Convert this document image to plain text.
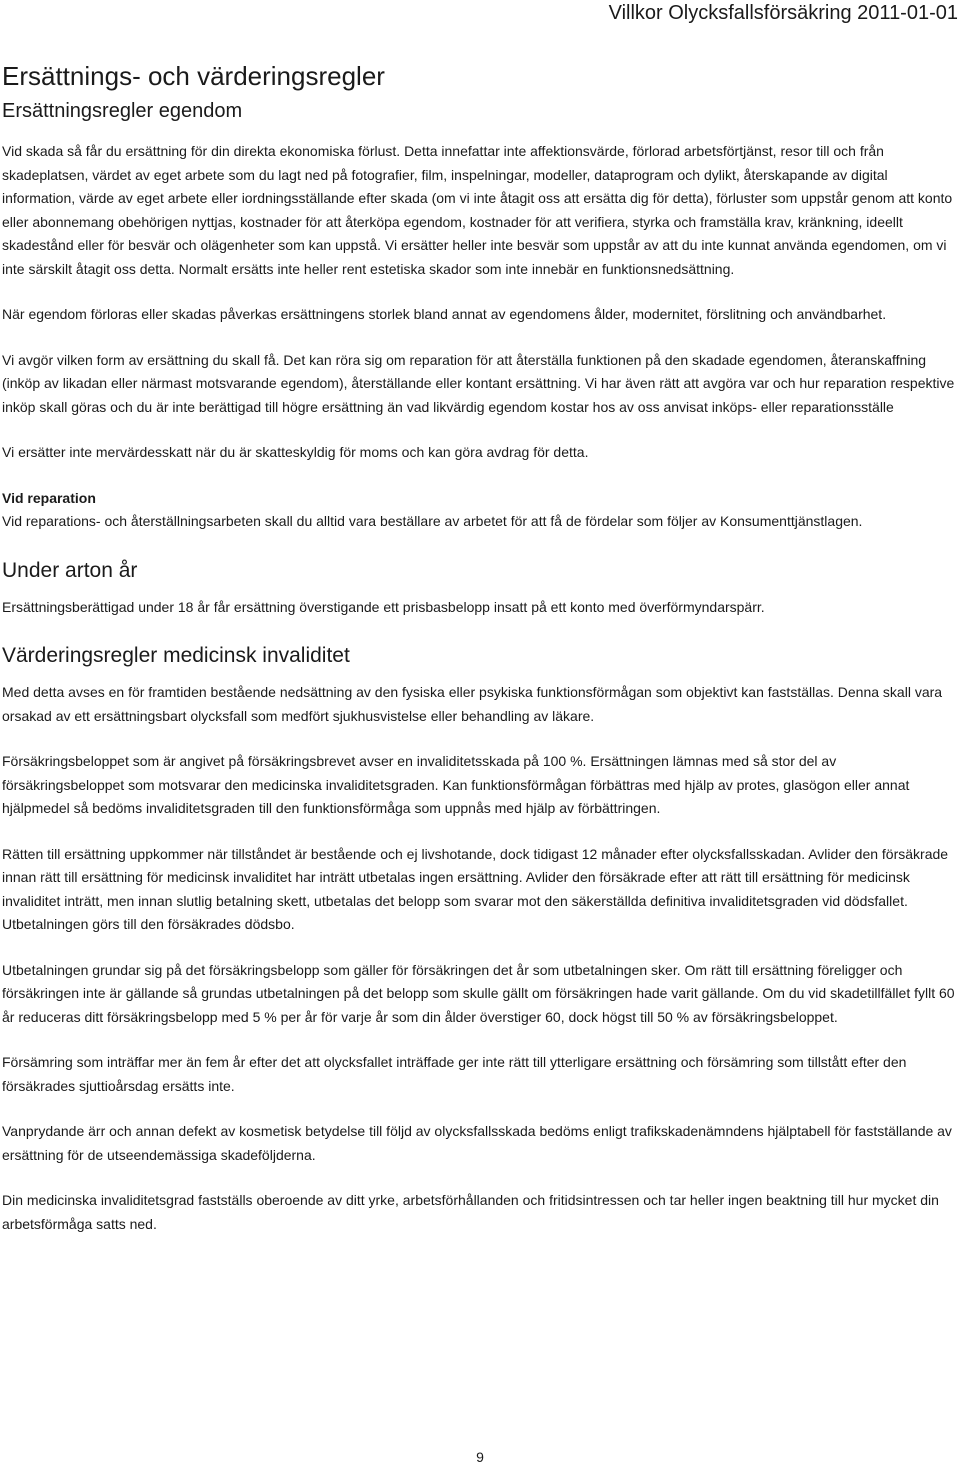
Villkor Olycksfallsförsäkring 2011-01-01
Ersättnings- och värderingsregler
Ersättningsregler egendom

Vid skada så får du ersättning för din direkta ekonomiska förlust. Detta innefattar inte affektionsvärde, förlorad arbetsförtjänst, resor till och från skadeplatsen, värdet av eget arbete som du lagt ned på fotografier, film, inspelningar, modeller, dataprogram och dylikt, återskapande av digital information, värde av eget arbete eller iordningsställande efter skada (om vi inte åtagit oss att ersätta dig för detta), förluster som uppstår genom att konto eller abonnemang obehörigen nyttjas, kostnader för att återköpa egendom, kostnader för att verifiera, styrka och framställa krav, kränkning, ideellt skadestånd eller för besvär och olägenheter som kan uppstå. Vi ersätter heller inte besvär som uppstår av att du inte kunnat använda egendomen, om vi inte särskilt åtagit oss detta. Normalt ersätts inte heller rent estetiska skador som inte innebär en funktionsnedsättning.

När egendom förloras eller skadas påverkas ersättningens storlek bland annat av egendomens ålder, modernitet, förslitning och användbarhet.

Vi avgör vilken form av ersättning du skall få. Det kan röra sig om reparation för att återställa funktionen på den skadade egendomen, återanskaffning (inköp av likadan eller närmast motsvarande egendom), återställande eller kontant ersättning. Vi har även rätt att avgöra var och hur reparation respektive inköp skall göras och du är inte berättigad till högre ersättning än vad likvärdig egendom kostar hos av oss anvisat inköps- eller reparationsställe

Vi ersätter inte mervärdesskatt när du är skatteskyldig för moms och kan göra avdrag för detta.

Vid reparation
Vid reparations- och återställningsarbeten skall du alltid vara beställare av arbetet för att få de fördelar som följer av Konsumenttjänstlagen.

Under arton år

Ersättningsberättigad under 18 år får ersättning överstigande ett prisbasbelopp insatt på ett konto med överförmyndarspärr.

Värderingsregler medicinsk invaliditet

Med detta avses en för framtiden bestående nedsättning av den fysiska eller psykiska funktionsförmågan som objektivt kan fastställas. Denna skall vara orsakad av ett ersättningsbart olycksfall som medfört sjukhusvistelse eller behandling av läkare.

Försäkringsbeloppet som är angivet på försäkringsbrevet avser en invaliditetsskada på 100 %. Ersättningen lämnas med så stor del av försäkringsbeloppet som motsvarar den medicinska invaliditetsgraden. Kan funktionsförmågan förbättras med hjälp av protes, glasögon eller annat hjälpmedel så bedöms invaliditetsgraden till den funktionsförmåga som uppnås med hjälp av förbättringen.

Rätten till ersättning uppkommer när tillståndet är bestående och ej livshotande, dock tidigast 12 månader efter olycksfallsskadan. Avlider den försäkrade innan rätt till ersättning för medicinsk invaliditet har inträtt utbetalas ingen ersättning. Avlider den försäkrade efter att rätt till ersättning för medicinsk invaliditet inträtt, men innan slutlig betalning skett, utbetalas det belopp som svarar mot den säkerställda definitiva invaliditetsgraden vid dödsfallet. Utbetalningen görs till den försäkrades dödsbo.

Utbetalningen grundar sig på det försäkringsbelopp som gäller för försäkringen det år som utbetalningen sker. Om rätt till ersättning föreligger och försäkringen inte är gällande så grundas utbetalningen på det belopp som skulle gällt om försäkringen hade varit gällande. Om du vid skadetillfället fyllt 60 år reduceras ditt försäkringsbelopp med 5 % per år för varje år som din ålder överstiger 60, dock högst till 50 % av försäkringsbeloppet.

Försämring som inträffar mer än fem år efter det att olycksfallet inträffade ger inte rätt till ytterligare ersättning och försämring som tillstått efter den försäkrades sjuttioårsdag ersätts inte.

Vanprydande ärr och annan defekt av kosmetisk betydelse till följd av olycksfallsskada bedöms enligt trafikskadenämndens hjälptabell för fastställande av ersättning för de utseendemässiga skadeföljderna.

Din medicinska invaliditetsgrad fastställs oberoende av ditt yrke, arbetsförhållanden och fritidsintressen och tar heller ingen beaktning till hur mycket din arbetsförmåga satts ned.

9
